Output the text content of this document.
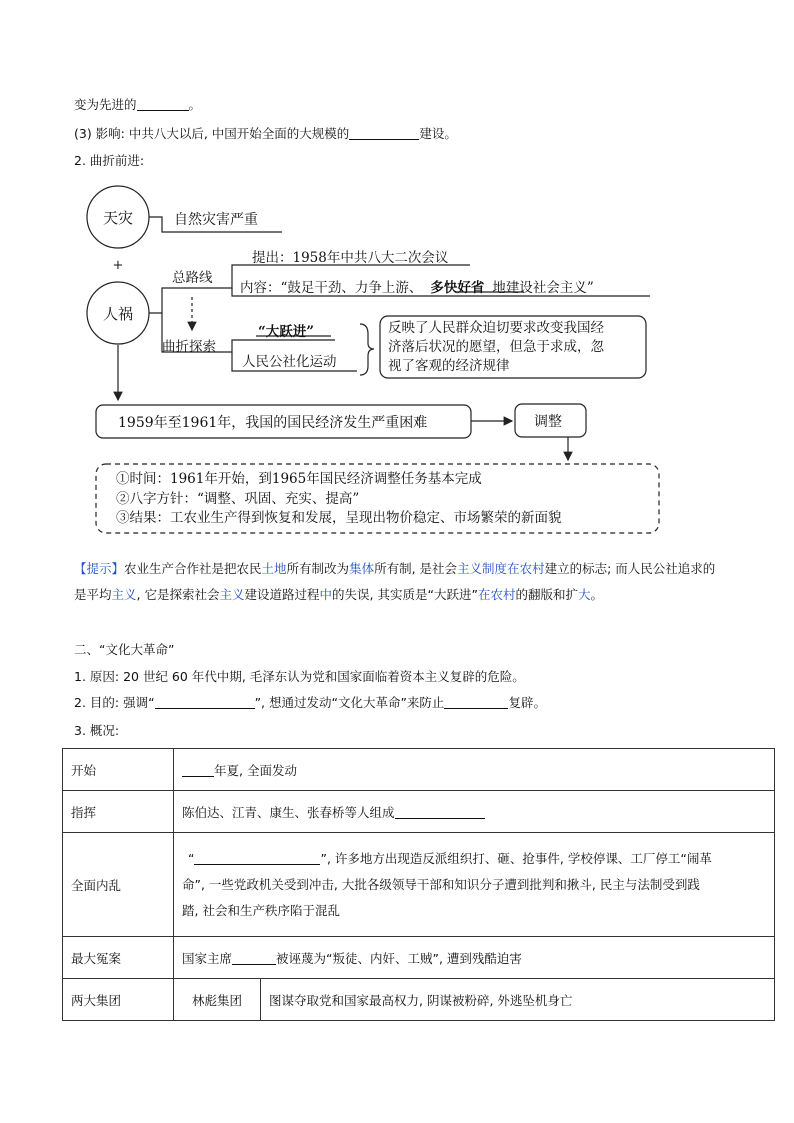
变为先进的	。
(3) 影响: 中共八大以后, 中国开始全面的大规模的	建设。
2. 曲折前进:
天灾
+
人祸
自然灾害严重
总路线
提出：1958年中共八大二次会议
内容：“鼓足干劲、力争上游、 多快好省 地建设社会主义”
曲折探索
“大跃进”
人民公社化运动
反映了人民群众迫切要求改变我国经
济落后状况的愿望，但急于求成，忽
视了客观的经济规律
1959年至1961年，我国的国民经济发生严重困难	调整
①时间：1961年开始，到1965年国民经济调整任务基本完成
②八字方针：“调整、巩固、充实、提高”
③结果：工农业生产得到恢复和发展，呈现出物价稳定、市场繁荣的新面貌
【提示】农业生产合作社是把农民土地所有制改为集体所有制, 是社会主义制度在农村建立的标志; 而人民公社追求的是平均主义, 它是探索社会主义建设道路过程中的失误, 其实质是“大跃进”在农村的翻版和扩大。
二、“文化大革命”
1. 原因: 20 世纪 60 年代中期, 毛泽东认为党和国家面临着资本主义复辟的危险。
2. 目的: 强调“	”, 想通过发动“文化大革命”来防止	复辟。
3. 概况:
开始	年夏, 全面发动	
指挥	陈伯达、江青、康生、张春桥等人组成	
全面内乱	“ ”, 许多地方出现造反派组织打、砸、抢事件, 学校停课、工厂停工“闹革
命”, 一些党政机关受到冲击, 大批各级领导干部和知识分子遭到批判和揪斗, 民主与法制受到践
踏, 社会和生产秩序陷于混乱	

最大冤案	国家主席 被诬蔑为“叛徒、内奸、工贼”, 遭到残酷迫害	
两大集团	林彪集团	图谋夺取党和国家最高权力, 阴谋被粉碎, 外逃坠机身亡
